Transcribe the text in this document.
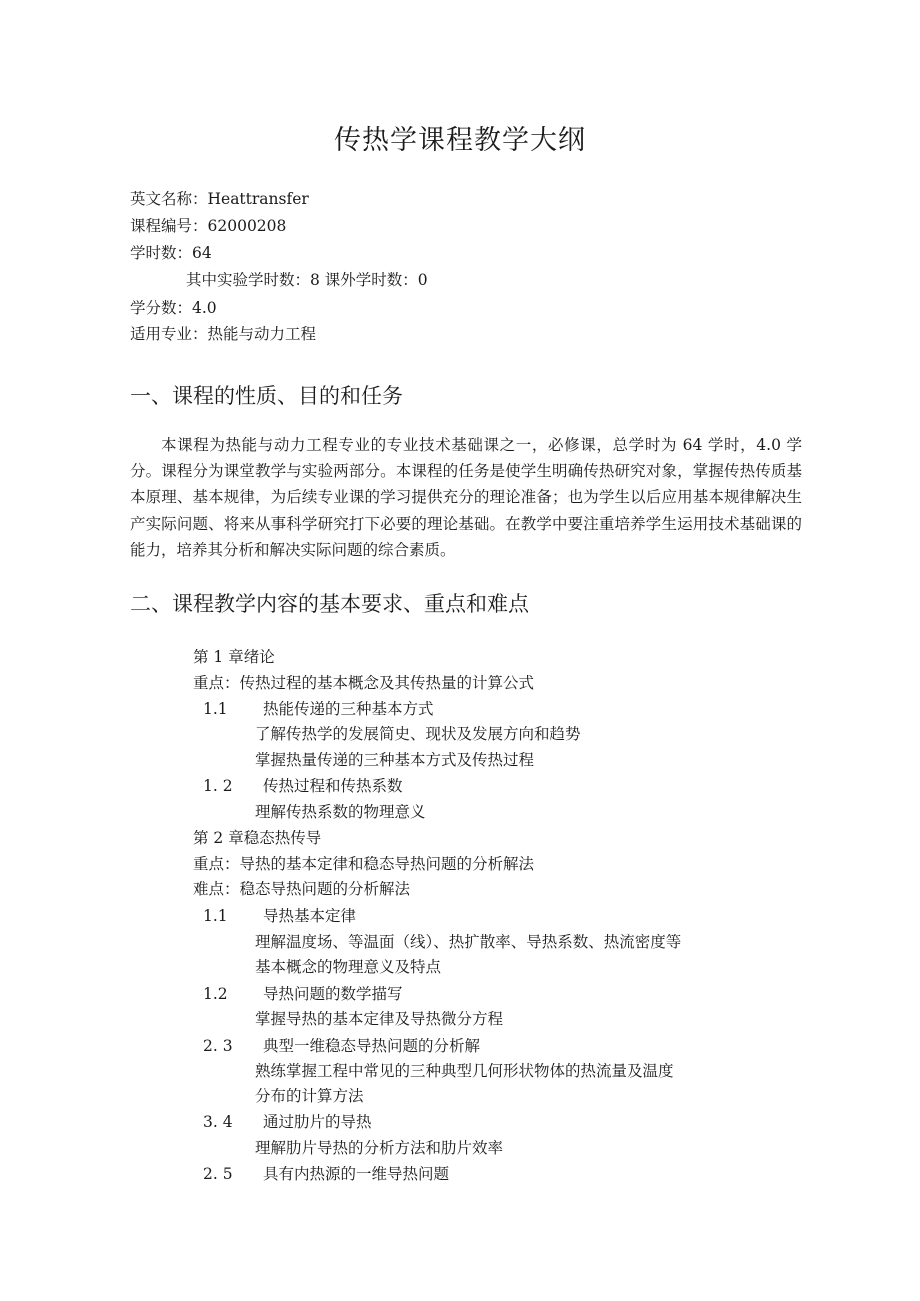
传热学课程教学大纲
英文名称：Heattransfer
课程编号：62000208
学时数：64
其中实验学时数：8 课外学时数：0
学分数：4.0
适用专业：热能与动力工程
一、课程的性质、目的和任务
本课程为热能与动力工程专业的专业技术基础课之一，必修课，总学时为 64 学时，4.0 学分。课程分为课堂教学与实验两部分。本课程的任务是使学生明确传热研究对象，掌握传热传质基本原理、基本规律，为后续专业课的学习提供充分的理论准备；也为学生以后应用基本规律解决生产实际问题、将来从事科学研究打下必要的理论基础。在教学中要注重培养学生运用技术基础课的能力，培养其分析和解决实际问题的综合素质。
二、课程教学内容的基本要求、重点和难点
第 1 章绪论
重点：传热过程的基本概念及其传热量的计算公式
1.1 热能传递的三种基本方式
了解传热学的发展简史、现状及发展方向和趋势
掌握热量传递的三种基本方式及传热过程
1. 2 传热过程和传热系数
理解传热系数的物理意义
第 2 章稳态热传导
重点：导热的基本定律和稳态导热问题的分析解法
难点：稳态导热问题的分析解法
1.1 导热基本定律
理解温度场、等温面（线）、热扩散率、导热系数、热流密度等
基本概念的物理意义及特点
1.2 导热问题的数学描写
掌握导热的基本定律及导热微分方程
2. 3 典型一维稳态导热问题的分析解
熟练掌握工程中常见的三种典型几何形状物体的热流量及温度
分布的计算方法
3. 4 通过肋片的导热
理解肋片导热的分析方法和肋片效率
2. 5 具有内热源的一维导热问题
